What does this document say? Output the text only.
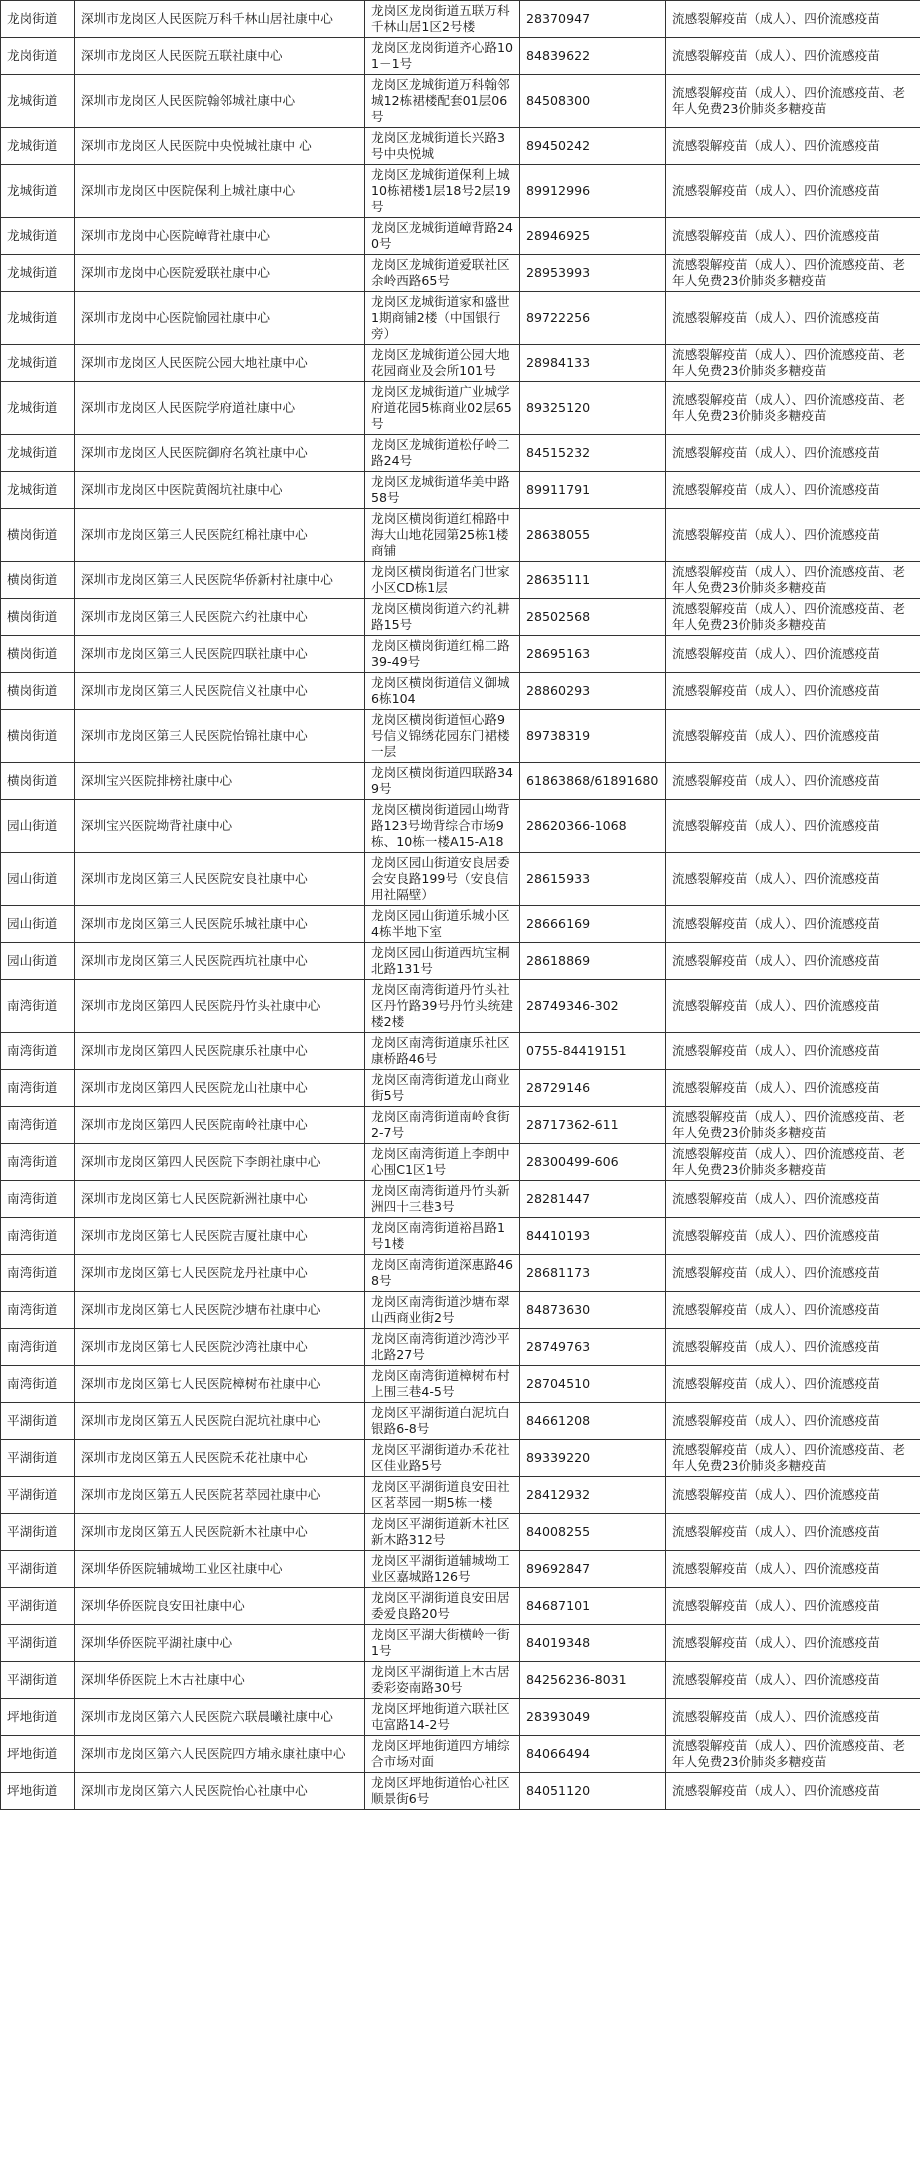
龙岗街道	深圳市龙岗区人民医院万科千林山居社康中心	龙岗区龙岗街道五联万科千林山居1区2号楼	28370947	流感裂解疫苗（成人）、四价流感疫苗
龙岗街道	深圳市龙岗区人民医院五联社康中心	龙岗区龙岗街道齐心路101－1号	84839622	流感裂解疫苗（成人）、四价流感疫苗
龙城街道	深圳市龙岗区人民医院翰邻城社康中心	龙岗区龙城街道万科翰邻城12栋裙楼配套01层06号	84508300	流感裂解疫苗（成人）、四价流感疫苗、老年人免费23价肺炎多糖疫苗
龙城街道	深圳市龙岗区人民医院中央悦城社康中 心	龙岗区龙城街道长兴路3号中央悦城	89450242	流感裂解疫苗（成人）、四价流感疫苗
龙城街道	深圳市龙岗区中医院保利上城社康中心	龙岗区龙城街道保利上城10栋裙楼1层18号2层19号	89912996	流感裂解疫苗（成人）、四价流感疫苗
龙城街道	深圳市龙岗中心医院嶂背社康中心	龙岗区龙城街道嶂背路240号	28946925	流感裂解疫苗（成人）、四价流感疫苗
龙城街道	深圳市龙岗中心医院爱联社康中心	龙岗区龙城街道爱联社区余岭西路65号	28953993	流感裂解疫苗（成人）、四价流感疫苗、老年人免费23价肺炎多糖疫苗
龙城街道	深圳市龙岗中心医院愉园社康中心	龙岗区龙城街道家和盛世1期商铺2楼（中国银行旁）	89722256	流感裂解疫苗（成人）、四价流感疫苗
龙城街道	深圳市龙岗区人民医院公园大地社康中心	龙岗区龙城街道公园大地花园商业及会所101号	28984133	流感裂解疫苗（成人）、四价流感疫苗、老年人免费23价肺炎多糖疫苗
龙城街道	深圳市龙岗区人民医院学府道社康中心	龙岗区龙城街道广业城学府道花园5栋商业02层65号	89325120	流感裂解疫苗（成人）、四价流感疫苗、老年人免费23价肺炎多糖疫苗
龙城街道	深圳市龙岗区人民医院御府名筑社康中心	龙岗区龙城街道松仔岭二路24号	84515232	流感裂解疫苗（成人）、四价流感疫苗
龙城街道	深圳市龙岗区中医院黄阁坑社康中心	龙岗区龙城街道华美中路58号	89911791	流感裂解疫苗（成人）、四价流感疫苗
横岗街道	深圳市龙岗区第三人民医院红棉社康中心	龙岗区横岗街道红棉路中海大山地花园第25栋1楼商铺	28638055	流感裂解疫苗（成人）、四价流感疫苗
横岗街道	深圳市龙岗区第三人民医院华侨新村社康中心	龙岗区横岗街道名门世家小区CD栋1层	28635111	流感裂解疫苗（成人）、四价流感疫苗、老年人免费23价肺炎多糖疫苗
横岗街道	深圳市龙岗区第三人民医院六约社康中心	龙岗区横岗街道六约礼耕路15号	28502568	流感裂解疫苗（成人）、四价流感疫苗、老年人免费23价肺炎多糖疫苗
横岗街道	深圳市龙岗区第三人民医院四联社康中心	龙岗区横岗街道红棉二路39-49号	28695163	流感裂解疫苗（成人）、四价流感疫苗
横岗街道	深圳市龙岗区第三人民医院信义社康中心	龙岗区横岗街道信义御城6栋104	28860293	流感裂解疫苗（成人）、四价流感疫苗
横岗街道	深圳市龙岗区第三人民医院怡锦社康中心	龙岗区横岗街道恒心路9号信义锦绣花园东门裙楼一层	89738319	流感裂解疫苗（成人）、四价流感疫苗
横岗街道	深圳宝兴医院排榜社康中心	龙岗区横岗街道四联路349号	61863868/61891680	流感裂解疫苗（成人）、四价流感疫苗
园山街道	深圳宝兴医院坳背社康中心	龙岗区横岗街道园山坳背路123号坳背综合市场9栋、10栋一楼A15-A18	28620366-1068	流感裂解疫苗（成人）、四价流感疫苗
园山街道	深圳市龙岗区第三人民医院安良社康中心	龙岗区园山街道安良居委会安良路199号（安良信用社隔壁）	28615933	流感裂解疫苗（成人）、四价流感疫苗
园山街道	深圳市龙岗区第三人民医院乐城社康中心	龙岗区园山街道乐城小区4栋半地下室	28666169	流感裂解疫苗（成人）、四价流感疫苗
园山街道	深圳市龙岗区第三人民医院西坑社康中心	龙岗区园山街道西坑宝桐北路131号	28618869	流感裂解疫苗（成人）、四价流感疫苗
南湾街道	深圳市龙岗区第四人民医院丹竹头社康中心	龙岗区南湾街道丹竹头社区丹竹路39号丹竹头统建楼2楼	28749346-302	流感裂解疫苗（成人）、四价流感疫苗
南湾街道	深圳市龙岗区第四人民医院康乐社康中心	龙岗区南湾街道康乐社区康桥路46号	0755-84419151	流感裂解疫苗（成人）、四价流感疫苗
南湾街道	深圳市龙岗区第四人民医院龙山社康中心	龙岗区南湾街道龙山商业街5号	28729146	流感裂解疫苗（成人）、四价流感疫苗
南湾街道	深圳市龙岗区第四人民医院南岭社康中心	龙岗区南湾街道南岭食街2-7号	28717362-611	流感裂解疫苗（成人）、四价流感疫苗、老年人免费23价肺炎多糖疫苗
南湾街道	深圳市龙岗区第四人民医院下李朗社康中心	龙岗区南湾街道上李朗中心围C1区1号	28300499-606	流感裂解疫苗（成人）、四价流感疫苗、老年人免费23价肺炎多糖疫苗
南湾街道	深圳市龙岗区第七人民医院新洲社康中心	龙岗区南湾街道丹竹头新洲四十三巷3号	28281447	流感裂解疫苗（成人）、四价流感疫苗
南湾街道	深圳市龙岗区第七人民医院吉厦社康中心	龙岗区南湾街道裕昌路1号1楼	84410193	流感裂解疫苗（成人）、四价流感疫苗
南湾街道	深圳市龙岗区第七人民医院龙丹社康中心	龙岗区南湾街道深惠路468号	28681173	流感裂解疫苗（成人）、四价流感疫苗
南湾街道	深圳市龙岗区第七人民医院沙塘布社康中心	龙岗区南湾街道沙塘布翠山西商业街2号	84873630	流感裂解疫苗（成人）、四价流感疫苗
南湾街道	深圳市龙岗区第七人民医院沙湾社康中心	龙岗区南湾街道沙湾沙平北路27号	28749763	流感裂解疫苗（成人）、四价流感疫苗
南湾街道	深圳市龙岗区第七人民医院樟树布社康中心	龙岗区南湾街道樟树布村上围三巷4-5号	28704510	流感裂解疫苗（成人）、四价流感疫苗
平湖街道	深圳市龙岗区第五人民医院白泥坑社康中心	龙岗区平湖街道白泥坑白银路6-8号	84661208	流感裂解疫苗（成人）、四价流感疫苗
平湖街道	深圳市龙岗区第五人民医院禾花社康中心	龙岗区平湖街道办禾花社区佳业路5号	89339220	流感裂解疫苗（成人）、四价流感疫苗、老年人免费23价肺炎多糖疫苗
平湖街道	深圳市龙岗区第五人民医院茗萃园社康中心	龙岗区平湖街道良安田社区茗萃园一期5栋一楼	28412932	流感裂解疫苗（成人）、四价流感疫苗
平湖街道	深圳市龙岗区第五人民医院新木社康中心	龙岗区平湖街道新木社区新木路312号	84008255	流感裂解疫苗（成人）、四价流感疫苗
平湖街道	深圳华侨医院辅城坳工业区社康中心	龙岗区平湖街道辅城坳工业区嘉城路126号	89692847	流感裂解疫苗（成人）、四价流感疫苗
平湖街道	深圳华侨医院良安田社康中心	龙岗区平湖街道良安田居委爱良路20号	84687101	流感裂解疫苗（成人）、四价流感疫苗
平湖街道	深圳华侨医院平湖社康中心	龙岗区平湖大街横岭一街1号	84019348	流感裂解疫苗（成人）、四价流感疫苗
平湖街道	深圳华侨医院上木古社康中心	龙岗区平湖街道上木古居委彩姿南路30号	84256236-8031	流感裂解疫苗（成人）、四价流感疫苗
坪地街道	深圳市龙岗区第六人民医院六联晨曦社康中心	龙岗区坪地街道六联社区屯富路14-2号	28393049	流感裂解疫苗（成人）、四价流感疫苗
坪地街道	深圳市龙岗区第六人民医院四方埔永康社康中心	龙岗区坪地街道四方埔综合市场对面	84066494	流感裂解疫苗（成人）、四价流感疫苗、老年人免费23价肺炎多糖疫苗
坪地街道	深圳市龙岗区第六人民医院怡心社康中心	龙岗区坪地街道怡心社区顺景街6号	84051120	流感裂解疫苗（成人）、四价流感疫苗
